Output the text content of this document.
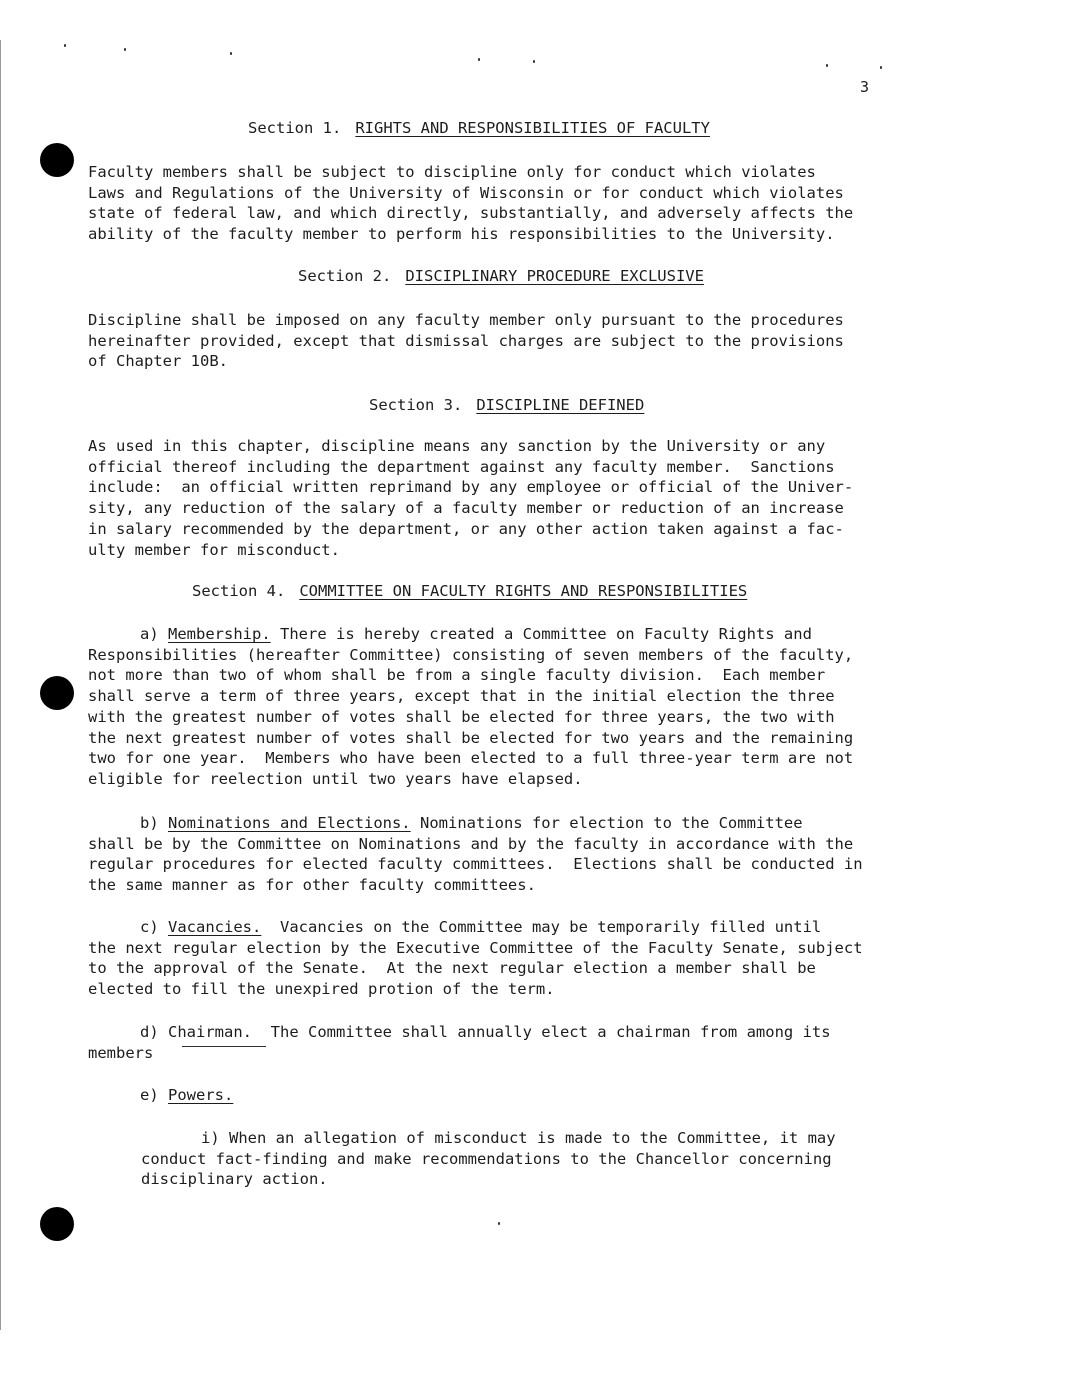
3
Section 1. RIGHTS AND RESPONSIBILITIES OF FACULTY
Faculty members shall be subject to discipline only for conduct which violates
Laws and Regulations of the University of Wisconsin or for conduct which violates
state of federal law, and which directly, substantially, and adversely affects the
ability of the faculty member to perform his responsibilities to the University.
Section 2. DISCIPLINARY PROCEDURE EXCLUSIVE
Discipline shall be imposed on any faculty member only pursuant to the procedures
hereinafter provided, except that dismissal charges are subject to the provisions
of Chapter 10B.
Section 3. DISCIPLINE DEFINED
As used in this chapter, discipline means any sanction by the University or any
official thereof including the department against any faculty member.  Sanctions
include:  an official written reprimand by any employee or official of the Univer-
sity, any reduction of the salary of a faculty member or reduction of an increase
in salary recommended by the department, or any other action taken against a fac-
ulty member for misconduct.
Section 4. COMMITTEE ON FACULTY RIGHTS AND RESPONSIBILITIES
a) Membership. There is hereby created a Committee on Faculty Rights and
Responsibilities (hereafter Committee) consisting of seven members of the faculty,
not more than two of whom shall be from a single faculty division.  Each member
shall serve a term of three years, except that in the initial election the three
with the greatest number of votes shall be elected for three years, the two with
the next greatest number of votes shall be elected for two years and the remaining
two for one year.  Members who have been elected to a full three-year term are not
eligible for reelection until two years have elapsed.
b) Nominations and Elections. Nominations for election to the Committee
shall be by the Committee on Nominations and by the faculty in accordance with the
regular procedures for elected faculty committees.  Elections shall be conducted in
the same manner as for other faculty committees.
c) Vacancies.  Vacancies on the Committee may be temporarily filled until
the next regular election by the Executive Committee of the Faculty Senate, subject
to the approval of the Senate.  At the next regular election a member shall be
elected to fill the unexpired protion of the term.
d) Chairman.  The Committee shall annually elect a chairman from among its
members
e) Powers.
i) When an allegation of misconduct is made to the Committee, it may
conduct fact-finding and make recommendations to the Chancellor concerning
disciplinary action.
